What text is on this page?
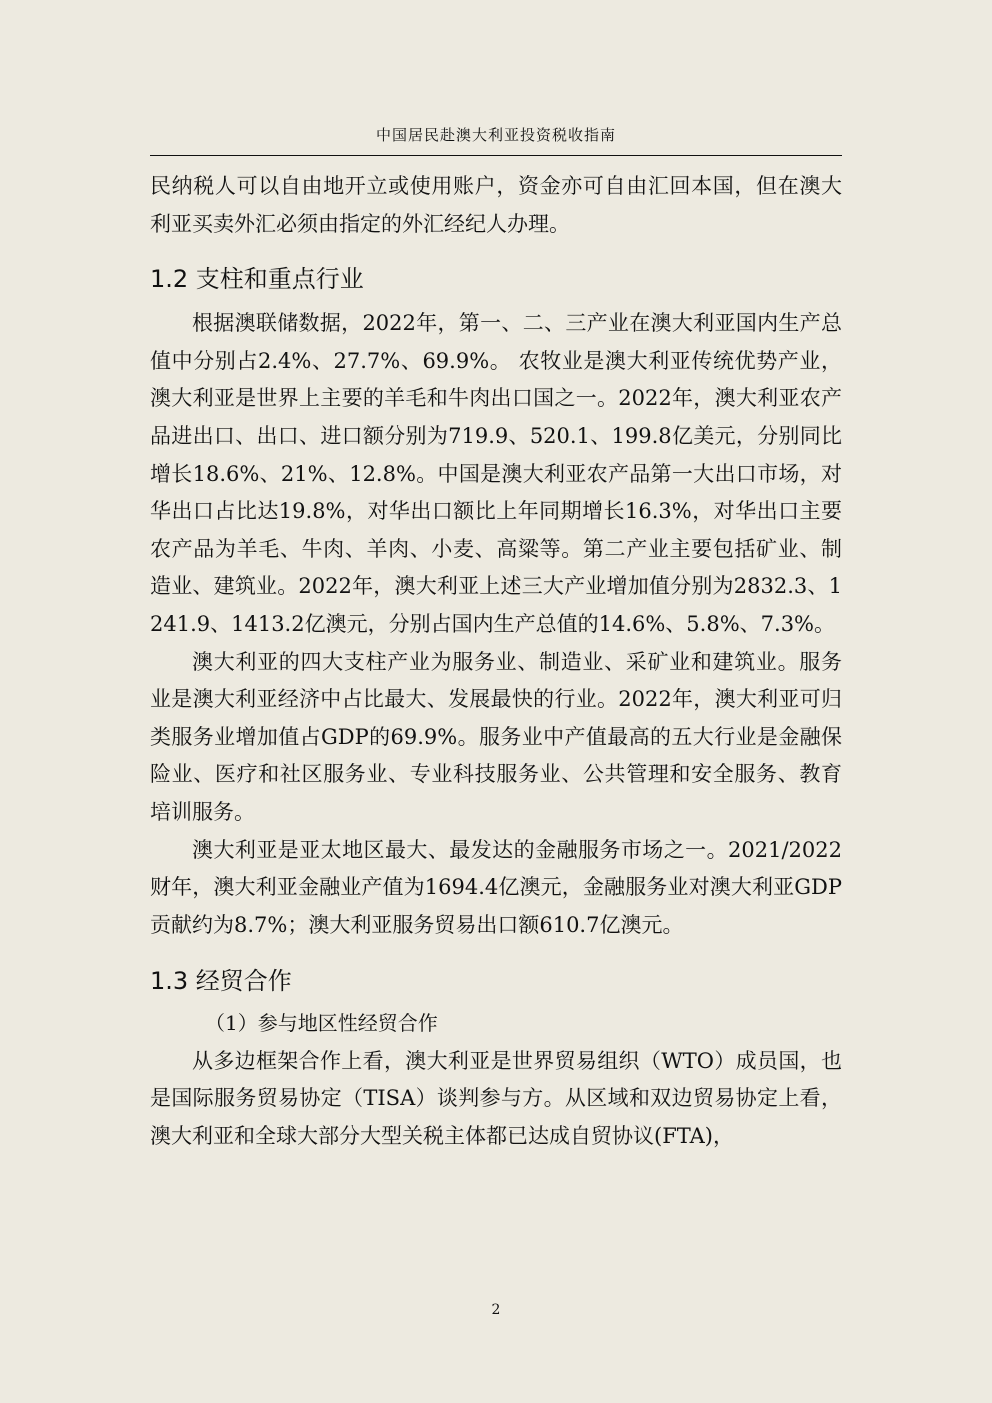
中国居民赴澳大利亚投资税收指南

民纳税人可以自由地开立或使用账户，资金亦可自由汇回本国，但在澳大利亚买卖外汇必须由指定的外汇经纪人办理。

1.2 支柱和重点行业

根据澳联储数据，2022年，第一、二、三产业在澳大利亚国内生产总值中分别占2.4%、27.7%、69.9%。 农牧业是澳大利亚传统优势产业，澳大利亚是世界上主要的羊毛和牛肉出口国之一。2022年，澳大利亚农产品进出口、出口、进口额分别为719.9、520.1、199.8亿美元，分别同比增长18.6%、21%、12.8%。中国是澳大利亚农产品第一大出口市场，对华出口占比达19.8%，对华出口额比上年同期增长16.3%，对华出口主要农产品为羊毛、牛肉、羊肉、小麦、高粱等。第二产业主要包括矿业、制造业、建筑业。2022年，澳大利亚上述三大产业增加值分别为2832.3、1241.9、1413.2亿澳元，分别占国内生产总值的14.6%、5.8%、7.3%。

澳大利亚的四大支柱产业为服务业、制造业、采矿业和建筑业。服务业是澳大利亚经济中占比最大、发展最快的行业。2022年，澳大利亚可归类服务业增加值占GDP的69.9%。服务业中产值最高的五大行业是金融保险业、医疗和社区服务业、专业科技服务业、公共管理和安全服务、教育培训服务。

澳大利亚是亚太地区最大、最发达的金融服务市场之一。2021/2022财年，澳大利亚金融业产值为1694.4亿澳元，金融服务业对澳大利亚GDP贡献约为8.7%；澳大利亚服务贸易出口额610.7亿澳元。

1.3 经贸合作

（1）参与地区性经贸合作

从多边框架合作上看，澳大利亚是世界贸易组织（WTO）成员国，也是国际服务贸易协定（TISA）谈判参与方。从区域和双边贸易协定上看，澳大利亚和全球大部分大型关税主体都已达成自贸协议(FTA)，

2
